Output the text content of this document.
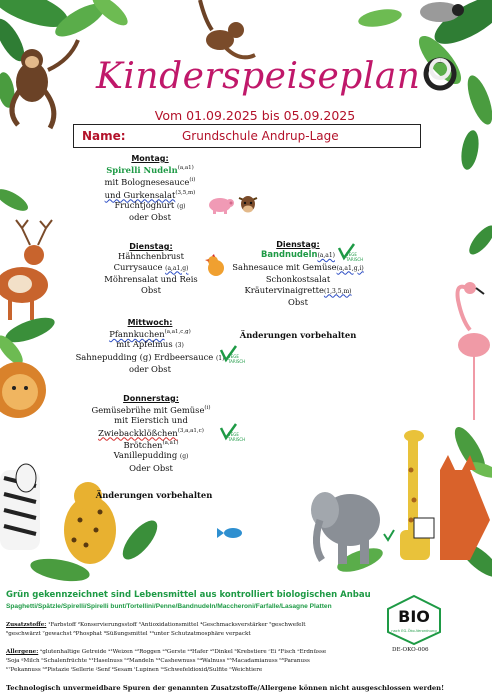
Kinderspeiseplan
Vom 01.09.2025 bis 05.09.2025
Name:	Grundschule Andrup-Lage
Montag:
Spirelli Nudeln$^{(a,a1)}$
mit Bolognesesauce$^{(i)}$
und Gurkensalat$^{(3,5,m)}$
Fruchtjoghurt (g)
oder Obst
Dienstag:
Hähnchenbrust
Currysauce (a,a1,g)
Möhrensalat und Reis
Obst
Dienstag:
Bandnudeln(a,a1)
Sahnesauce mit Gemüse(a,a1,g,i)
Schonkostsalat
Kräutervinaigrette(1,3,5,m)
Obst
VEGE
TARISCH
Änderungen vorbehalten
Mittwoch:
Pfannkuchen$^{(a,a1,c,g)}$
mit Apfelmus (3)
Sahnepudding (g) Erdbeersauce (1)
oder Obst
VEGE
TARISCH
Donnerstag:
Gemüsebrühe mit Gemüse$^{(i)}$
mit Eierstich und
Zwiebackklößchen$^{(3,a,a1,c)}$
Brötchen$^{(a,a1)}$
Vanillepudding (g)
Oder Obst
VEGE
TARISCH
Änderungen vorbehalten
Grün gekennzeichnet sind Lebensmittel aus kontrolliert biologischen Anbau
Spaghetti/Spätzle/Spirelli/Spirelli bunt/Tortellini/Penne/Bandnudeln/Maccheroni/Farfalle/Lasagne Platten
Zusatzstoffe: ¹Farbstoff ²Konservierungsstoff ³Antioxidationsmittel ⁴Geschmacksverstärker ⁵geschwefelt
⁶geschwärzt ⁷gewachst ⁸Phosphat ⁹Süßungsmittel ¹⁰unter Schutzatmosphäre verpackt
Allergene: ᵃglutenhaltige Getreide ᵃ¹Weizen ᵃ²Roggen ᵃ³Gerste ᵃ⁴Hafer ᵃ⁵Dinkel ᵇKrebstiere ᶜEi ᵈFisch ᵉErdnüsse
ᶠSoja ᵍMilch ʰSchalenfrüchte ʰ¹Haselnuss ʰ²Mandeln ʰ³Cashewnuss ʰ⁴Walnuss ʰ⁵Macadamianuss ʰ⁶Paranuss
ʰ⁷Pekannuss ʰ⁸Pistazie ⁱSellerie ʲSenf ᵏSesam ˡLupinen ᵐSchwefeldioxid/Sulfite ⁿWeichtiere
Technologisch unvermeidbare Spuren der genannten Zusatzstoffe/Allergene können nicht ausgeschlossen werden!
BIO
nach EG-Öko-Verordnung
DE-OKO-006
